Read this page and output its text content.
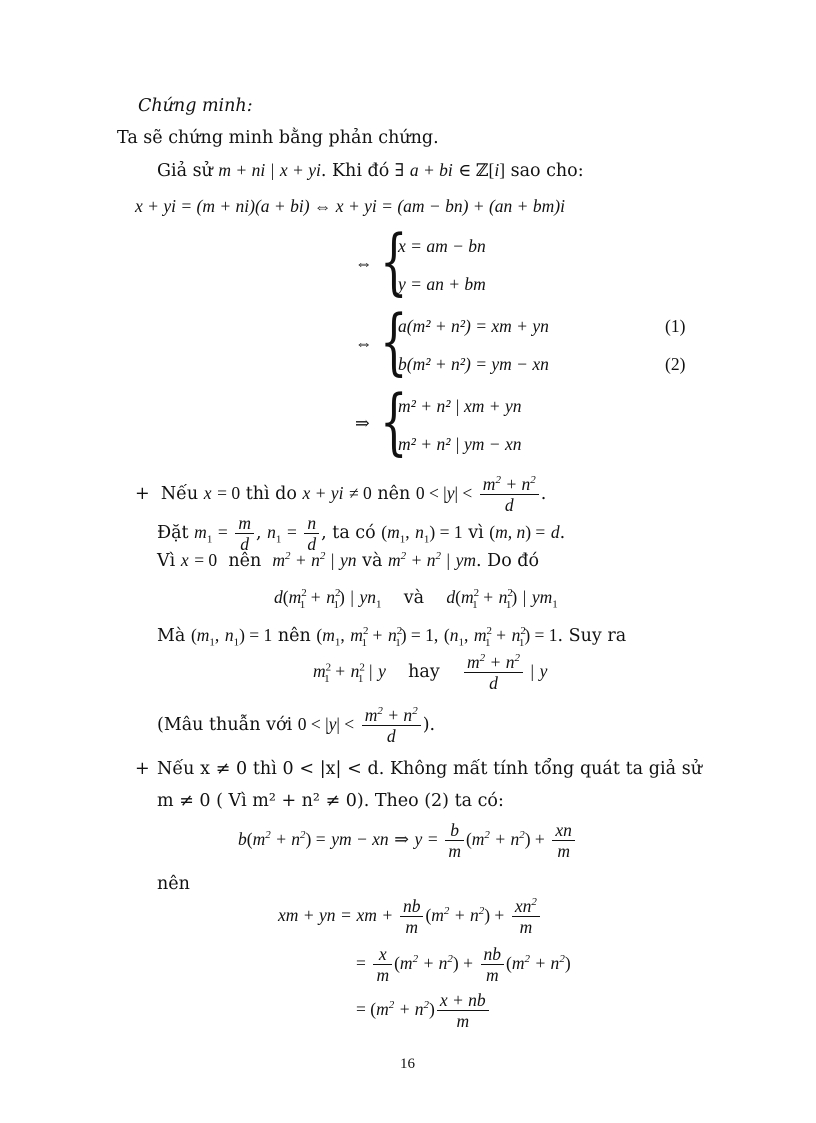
Chứng minh:
Ta sẽ chứng minh bằng phản chứng.
Giả sử m + ni | x + yi. Khi đó ∃ a + bi ∈ ℤ[i] sao cho:
x + yi = (m + ni)(a + bi) ⇔ x + yi = (am − bn) + (an + bm)i
⇔ {
x = am − bn
y = an + bm
⇔ {
a(m² + n²) = xm + yn	(1)
b(m² + n²) = ym − xn	(2)
⇒ {
m² + n² | xm + yn
m² + n² | ym − xn
+ Nếu x = 0 thì do x + yi ≠ 0 nên $0 < |y| < \frac{m^2 + n^2}{d}$ .
Đặt $m_1 = \frac{m}{d}$ , $n_1 = \frac{n}{d}$ , ta có ($m_1$, $n_1) = 1$ vì (m, n) = d.
Vì x = 0 nên $m^2 + n^2$ | yn và $m^2 + n^2$ | ym. Do đó
$d(m^2_1 + n^2_1)$ | $yn_1$ và $d(m^2_1 + n^2_1)$ | $ym_1$
Mà ($m_1$, $n_1) = 1$ nên ($m_1$, $m^2_1 + n^2_1) = 1$, ($n_1$, $m^2_1 + n^2_1) = 1$. Suy ra
$m^2_1 + n^2_1$ | y hay $\frac{m^2 + n^2}{d}$ | y
(Mâu thuẫn với $0 < |y| < \frac{m^2 + n^2}{d}$ ).
+ Nếu x ≠ 0 thì 0 < |x| < d. Không mất tính tổng quát ta giả sử
m ≠ 0 ( Vì m² + n² ≠ 0). Theo (2) ta có:
$b(m^2 + n^2)$ = ym − xn ⇒ $y = \frac{b}{m} (m^2 + n^2) + \frac{xn}{m}$
nên
xm + yn = xm + $\frac{nb}{m} (m^2 + n^2) + \frac{xn^2}{m}$
= $\frac{x}{m} (m^2 + n^2) + \frac{nb}{m} (m^2 + n^2)$
= $(m^2 + n^2) \frac{x + nb}{m}$
16
